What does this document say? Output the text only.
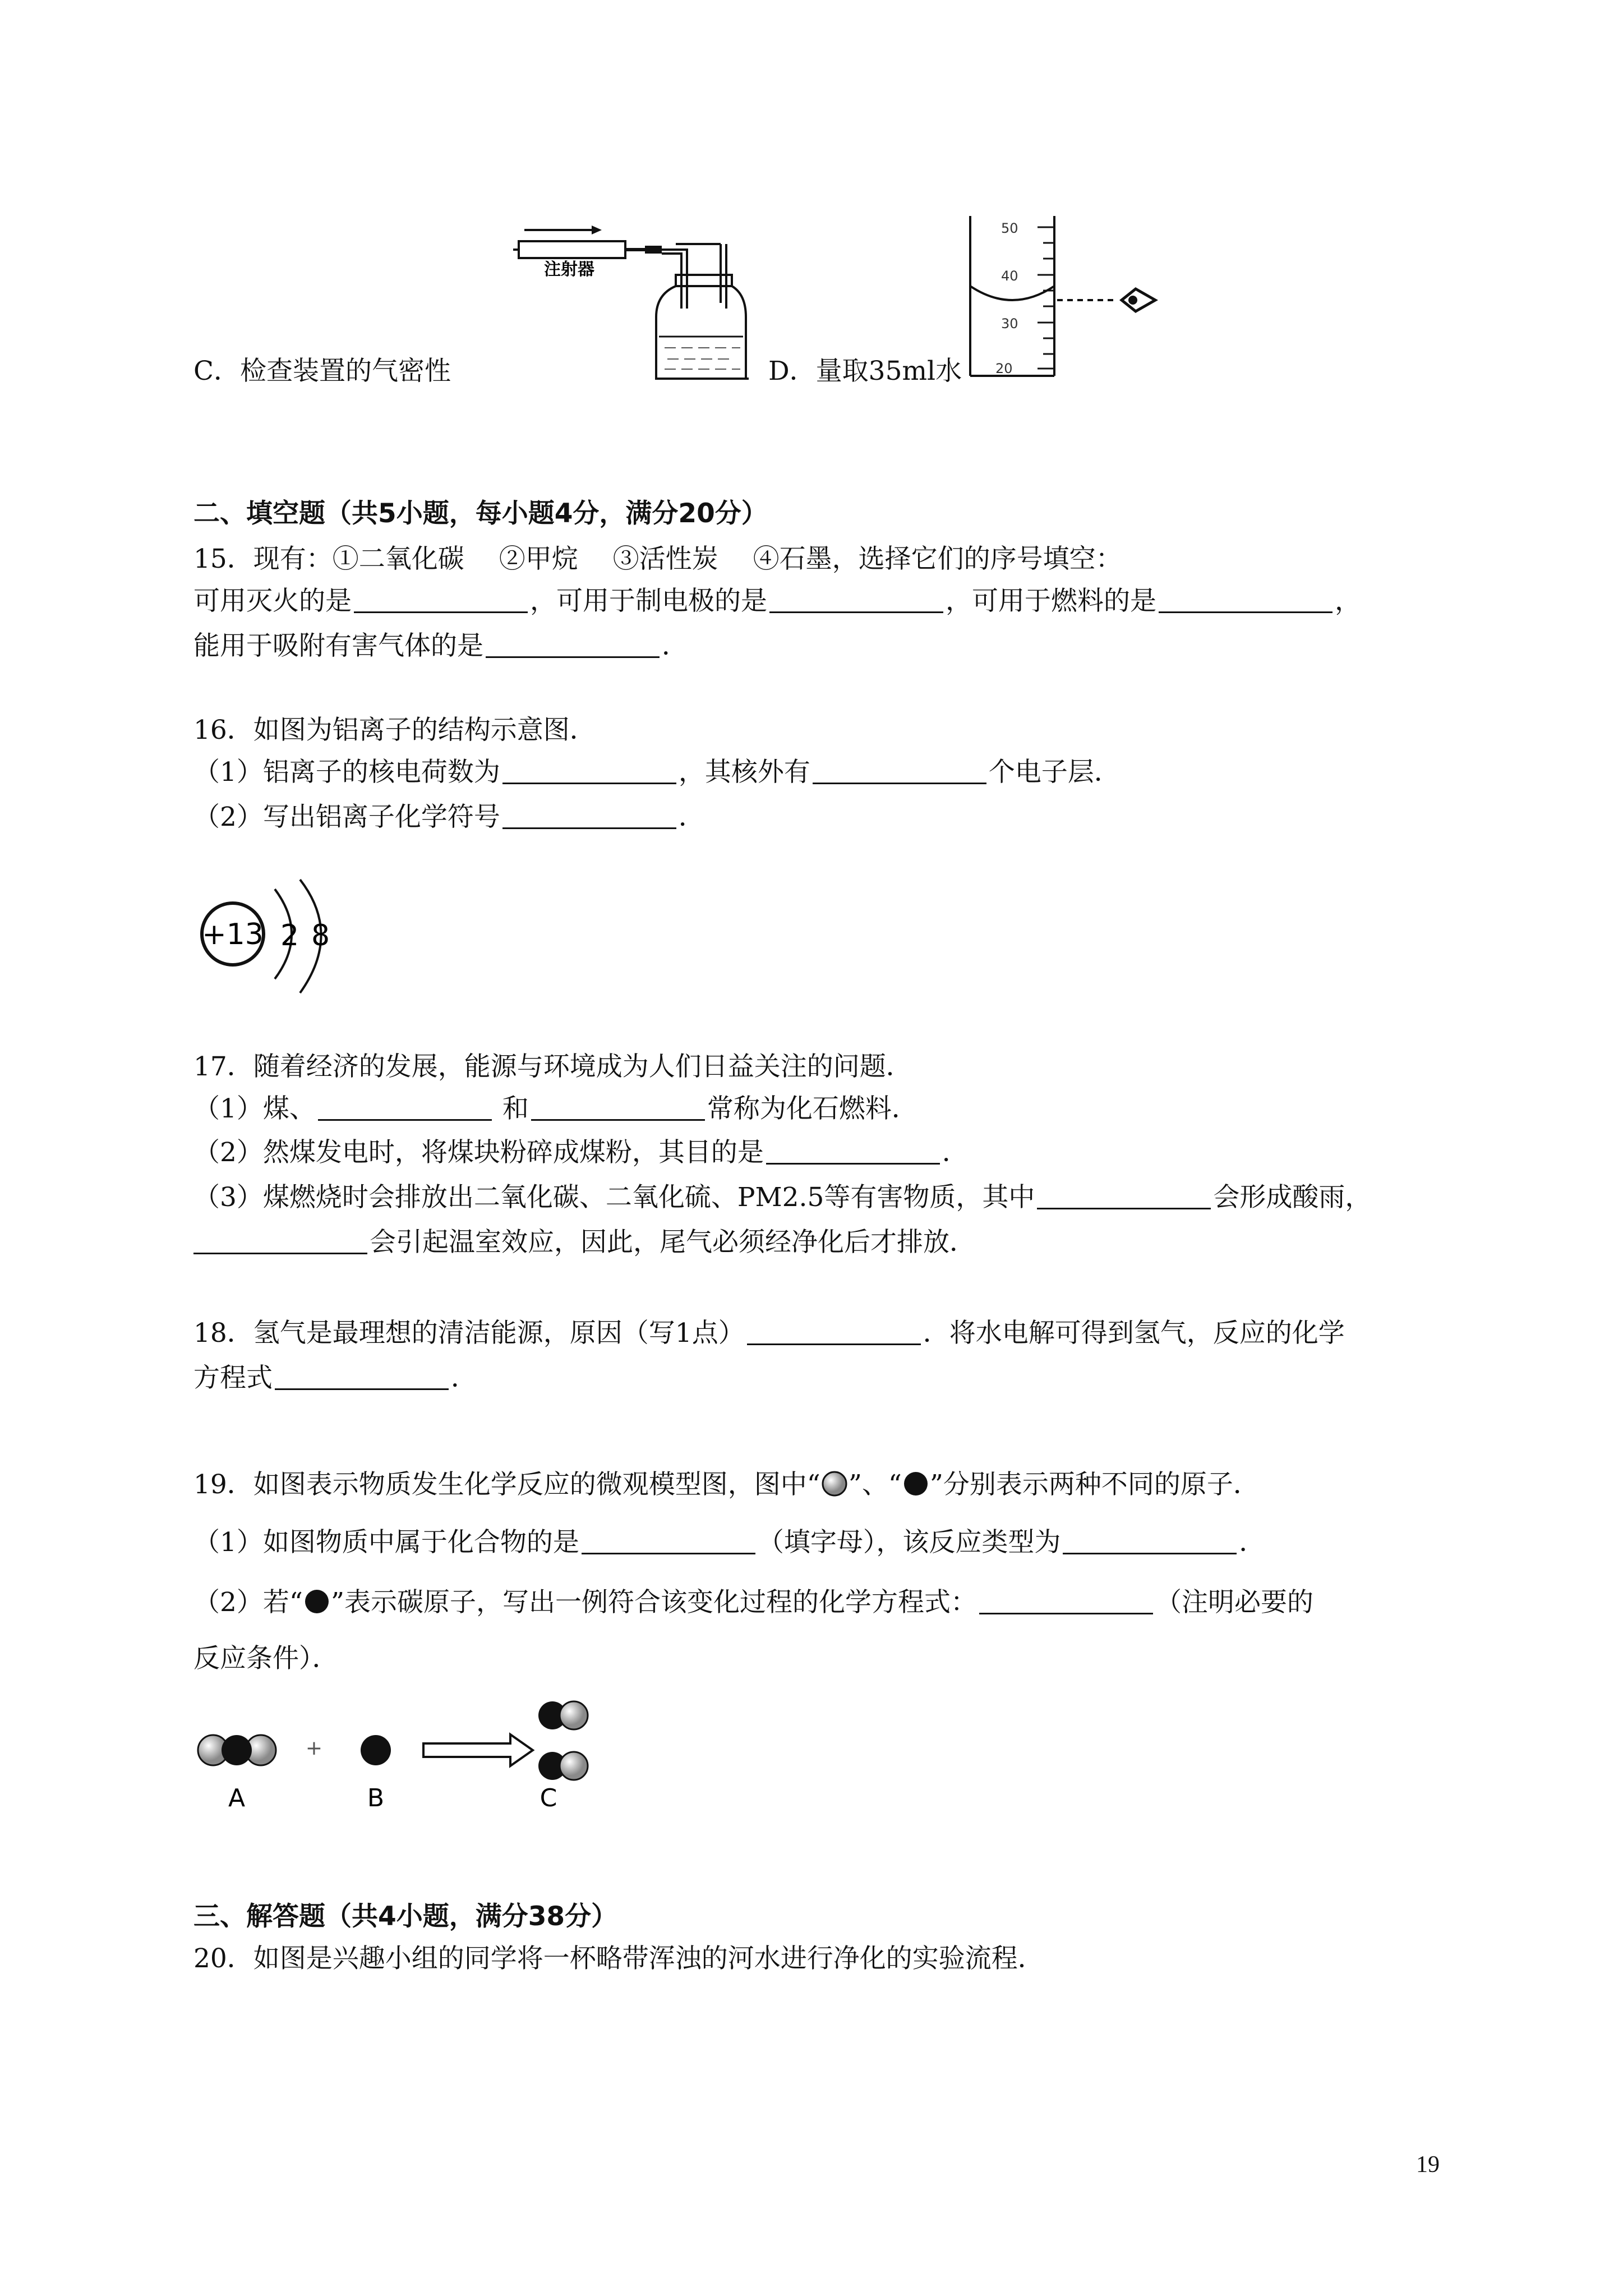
注射器
C．检查装置的气密性	D．量取35ml水
50
40
30
20
二、填空题（共5小题，每小题4分，满分20分）
15．现有：①二氧化碳　 ②甲烷　 ③活性炭　 ④石墨，选择它们的序号填空：
可用灭火的是	，可用于制电极的是	，可用于燃料的是	，
能用于吸附有害气体的是	．
16．如图为铝离子的结构示意图．
（1）铝离子的核电荷数为	，其核外有	个电子层．
（2）写出铝离子化学符号	．
+13 2 8
17．随着经济的发展，能源与环境成为人们日益关注的问题．
（1）煤、	和	常称为化石燃料．
（2）然煤发电时，将煤块粉碎成煤粉，其目的是	．
（3）煤燃烧时会排放出二氧化碳、二氧化硫、PM2.5等有害物质，其中	会形成酸雨，
会引起温室效应，因此，尾气必须经净化后才排放．
18．氢气是最理想的清洁能源，原因（写1点）	．将水电解可得到氢气，反应的化学
方程式	．
19．如图表示物质发生化学反应的微观模型图，图中“ ”、“ ”分别表示两种不同的原子．
（1）如图物质中属于化合物的是	（填字母），该反应类型为	．
（2）若“ ”表示碳原子，写出一例符合该变化过程的化学方程式：	（注明必要的
反应条件）．
A
+
B	C
三、解答题（共4小题，满分38分）
20．如图是兴趣小组的同学将一杯略带浑浊的河水进行净化的实验流程．
19
